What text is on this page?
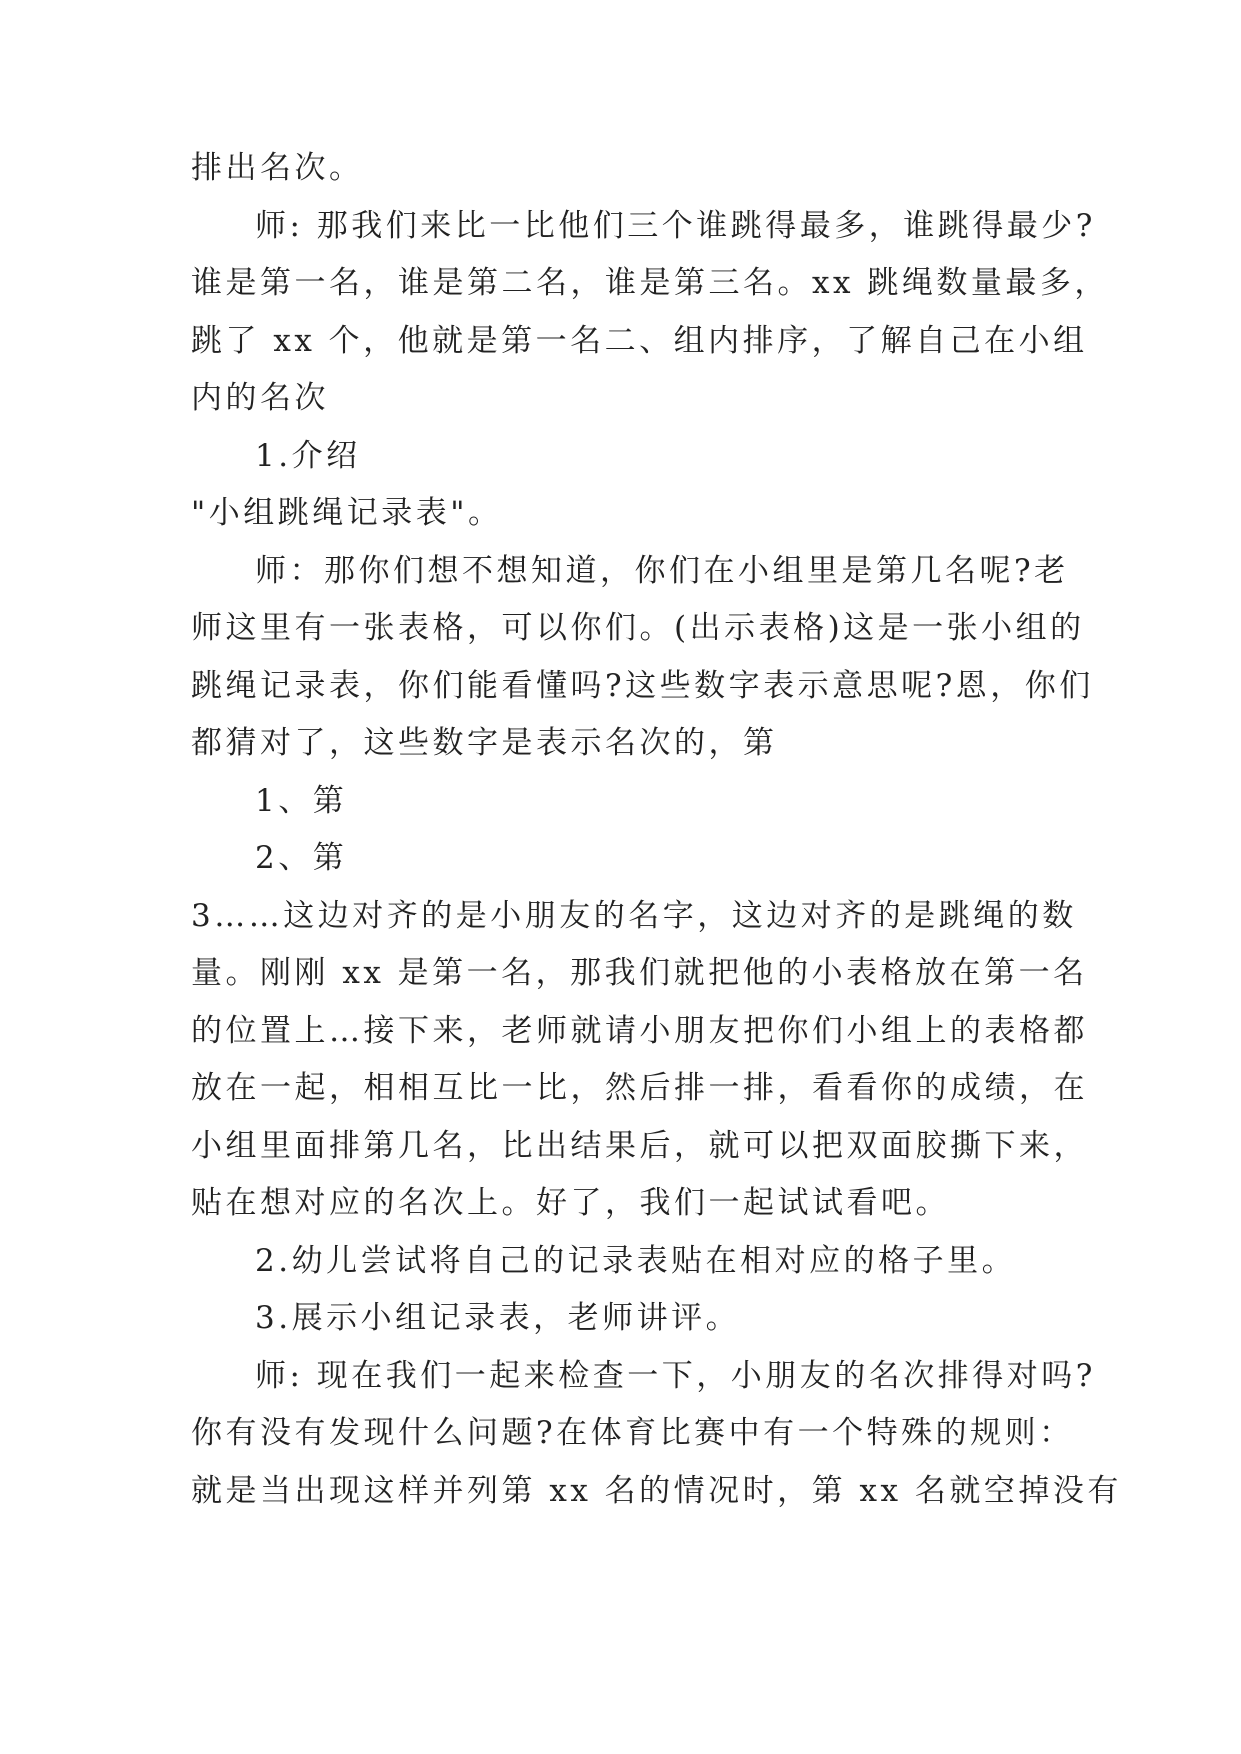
排出名次。
师: 那我们来比一比他们三个谁跳得最多，谁跳得最少?
谁是第一名，谁是第二名，谁是第三名。xx 跳绳数量最多，
跳了 xx 个，他就是第一名二、组内排序，了解自己在小组
内的名次
1.介绍
"小组跳绳记录表"。
师：那你们想不想知道，你们在小组里是第几名呢?老
师这里有一张表格，可以你们。(出示表格)这是一张小组的
跳绳记录表，你们能看懂吗?这些数字表示意思呢?恩，你们
都猜对了，这些数字是表示名次的，第
1、第
2、第
3……这边对齐的是小朋友的名字，这边对齐的是跳绳的数
量。刚刚 xx 是第一名，那我们就把他的小表格放在第一名
的位置上…接下来，老师就请小朋友把你们小组上的表格都
放在一起，相相互比一比，然后排一排，看看你的成绩，在
小组里面排第几名，比出结果后，就可以把双面胶撕下来，
贴在想对应的名次上。好了，我们一起试试看吧。
2.幼儿尝试将自己的记录表贴在相对应的格子里。
3.展示小组记录表，老师讲评。
师: 现在我们一起来检查一下，小朋友的名次排得对吗?
你有没有发现什么问题?在体育比赛中有一个特殊的规则：
就是当出现这样并列第 xx 名的情况时，第 xx 名就空掉没有
